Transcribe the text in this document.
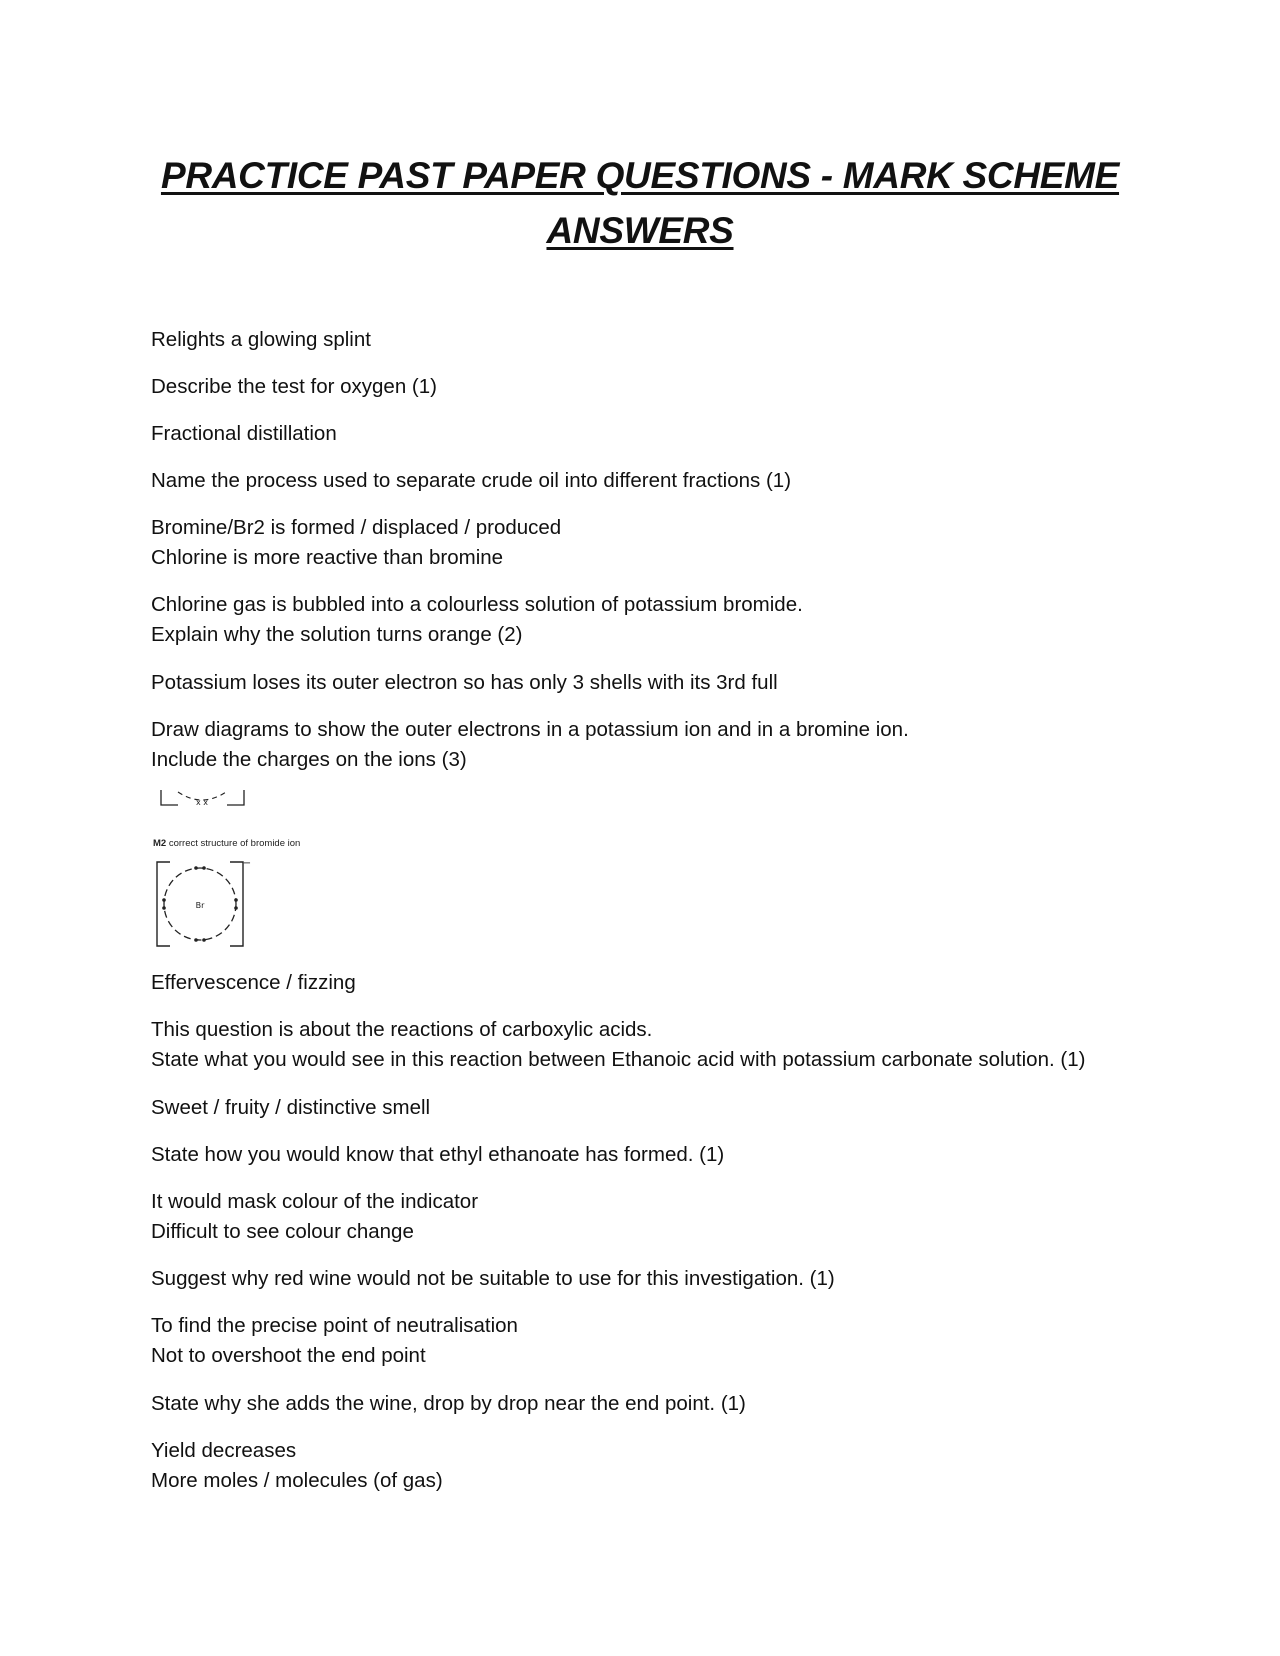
PRACTICE PAST PAPER QUESTIONS - MARK SCHEME
ANSWERS

Relights a glowing splint

Describe the test for oxygen (1)

Fractional distillation

Name the process used to separate crude oil into different fractions (1)

Bromine/Br2 is formed / displaced / produced
Chlorine is more reactive than bromine

Chlorine gas is bubbled into a colourless solution of potassium bromide.
Explain why the solution turns orange (2)

Potassium loses its outer electron so has only 3 shells with its 3rd full

Draw diagrams to show the outer electrons in a potassium ion and in a bromine ion.
Include the charges on the ions (3)

x x
M2 correct structure of bromide ion
Br
−

Effervescence / fizzing

This question is about the reactions of carboxylic acids.
State what you would see in this reaction between Ethanoic acid with potassium carbonate solution. (1)

Sweet / fruity / distinctive smell

State how you would know that ethyl ethanoate has formed. (1)

It would mask colour of the indicator
Difficult to see colour change

Suggest why red wine would not be suitable to use for this investigation. (1)

To find the precise point of neutralisation
Not to overshoot the end point

State why she adds the wine, drop by drop near the end point. (1)

Yield decreases
More moles / molecules (of gas)
